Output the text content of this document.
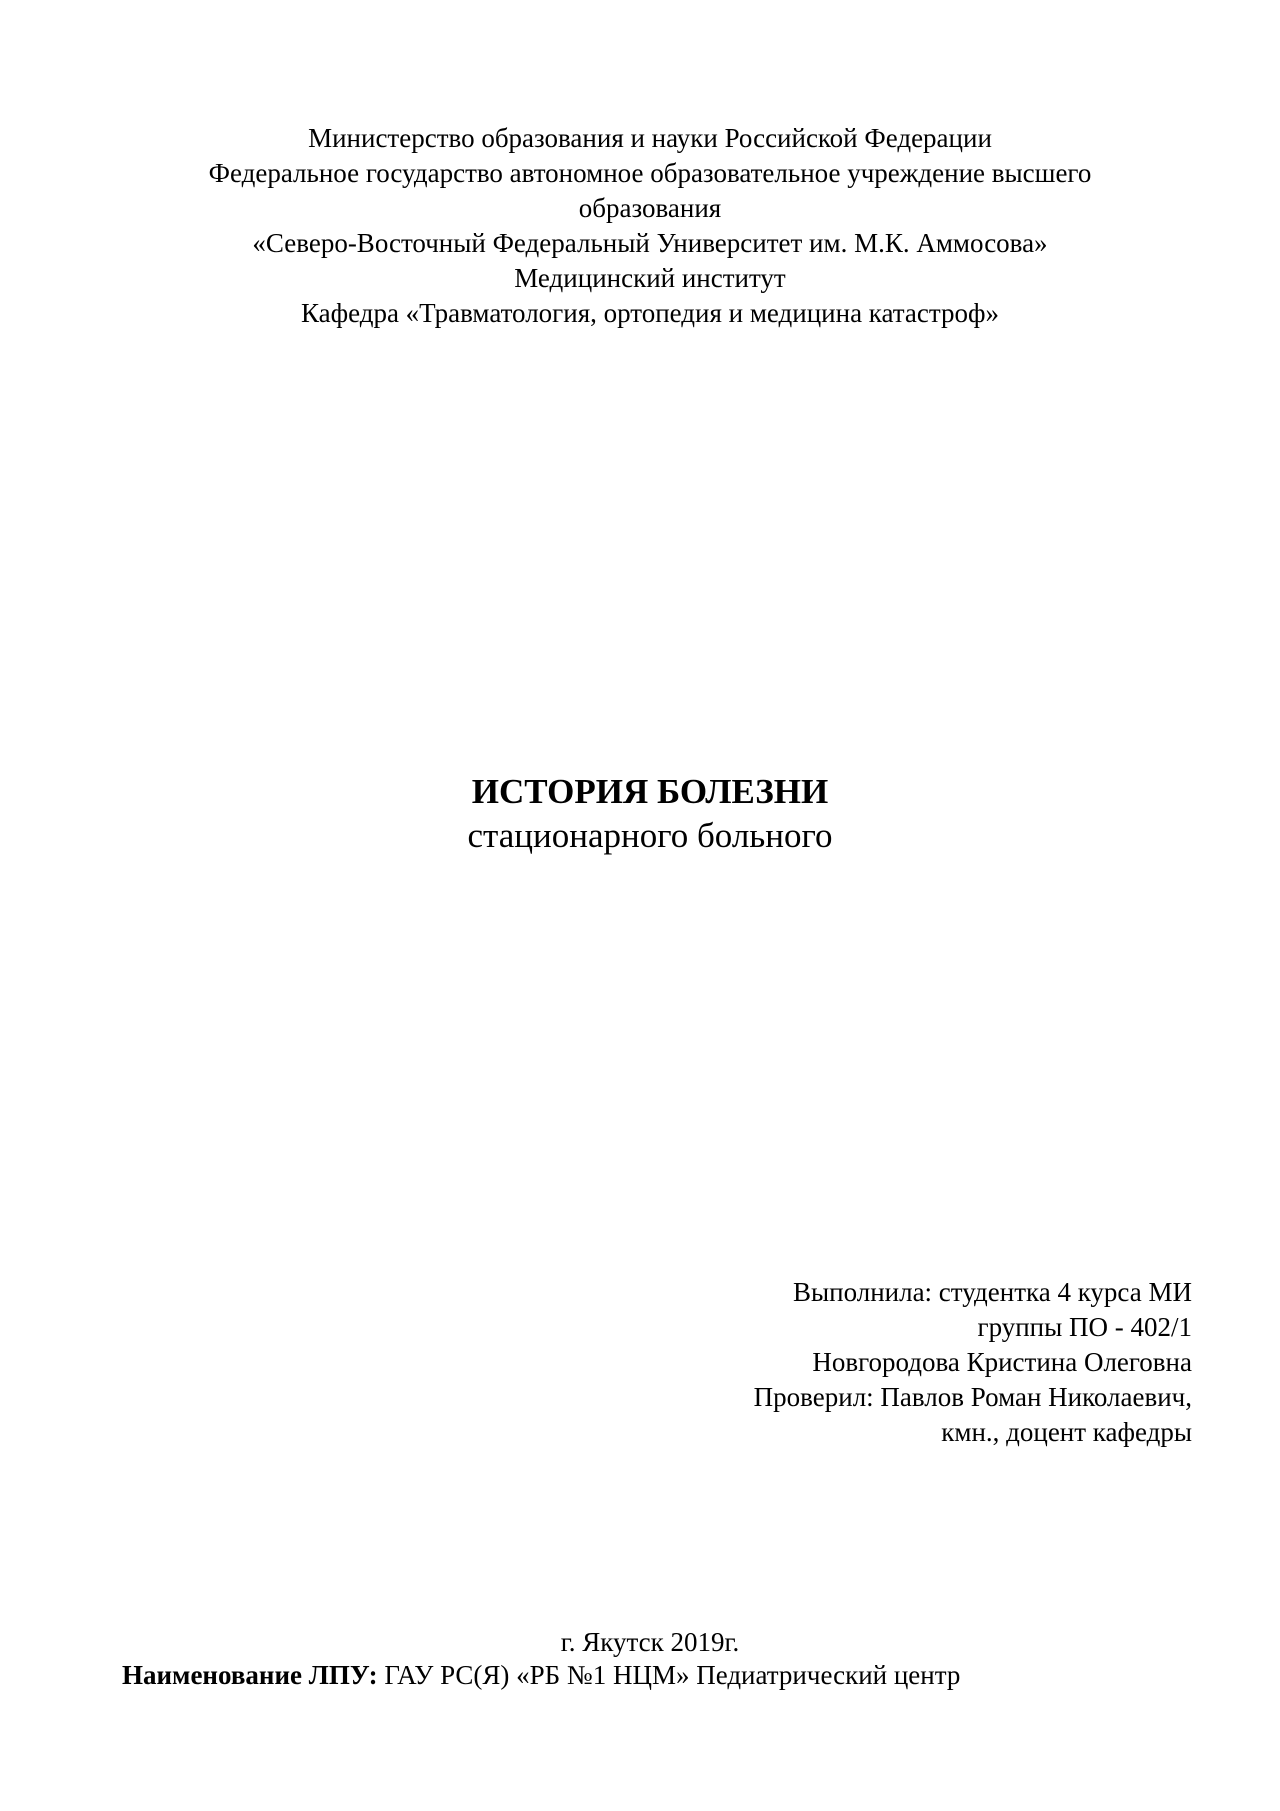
Министерство образования и науки Российской Федерации
Федеральное государство автономное образовательное учреждение высшего
образования
«Северо-Восточный Федеральный Университет им. М.К. Аммосова»
Медицинский институт
Кафедра «Травматология, ортопедия и медицина катастроф»
ИСТОРИЯ БОЛЕЗНИ
стационарного больного
Выполнила: студентка 4 курса МИ
группы ПО - 402/1
Новгородова Кристина Олеговна
Проверил: Павлов Роман Николаевич,
кмн., доцент кафедры
г. Якутск 2019г.
Наименование ЛПУ: ГАУ РС(Я) «РБ №1 НЦМ» Педиатрический центр
